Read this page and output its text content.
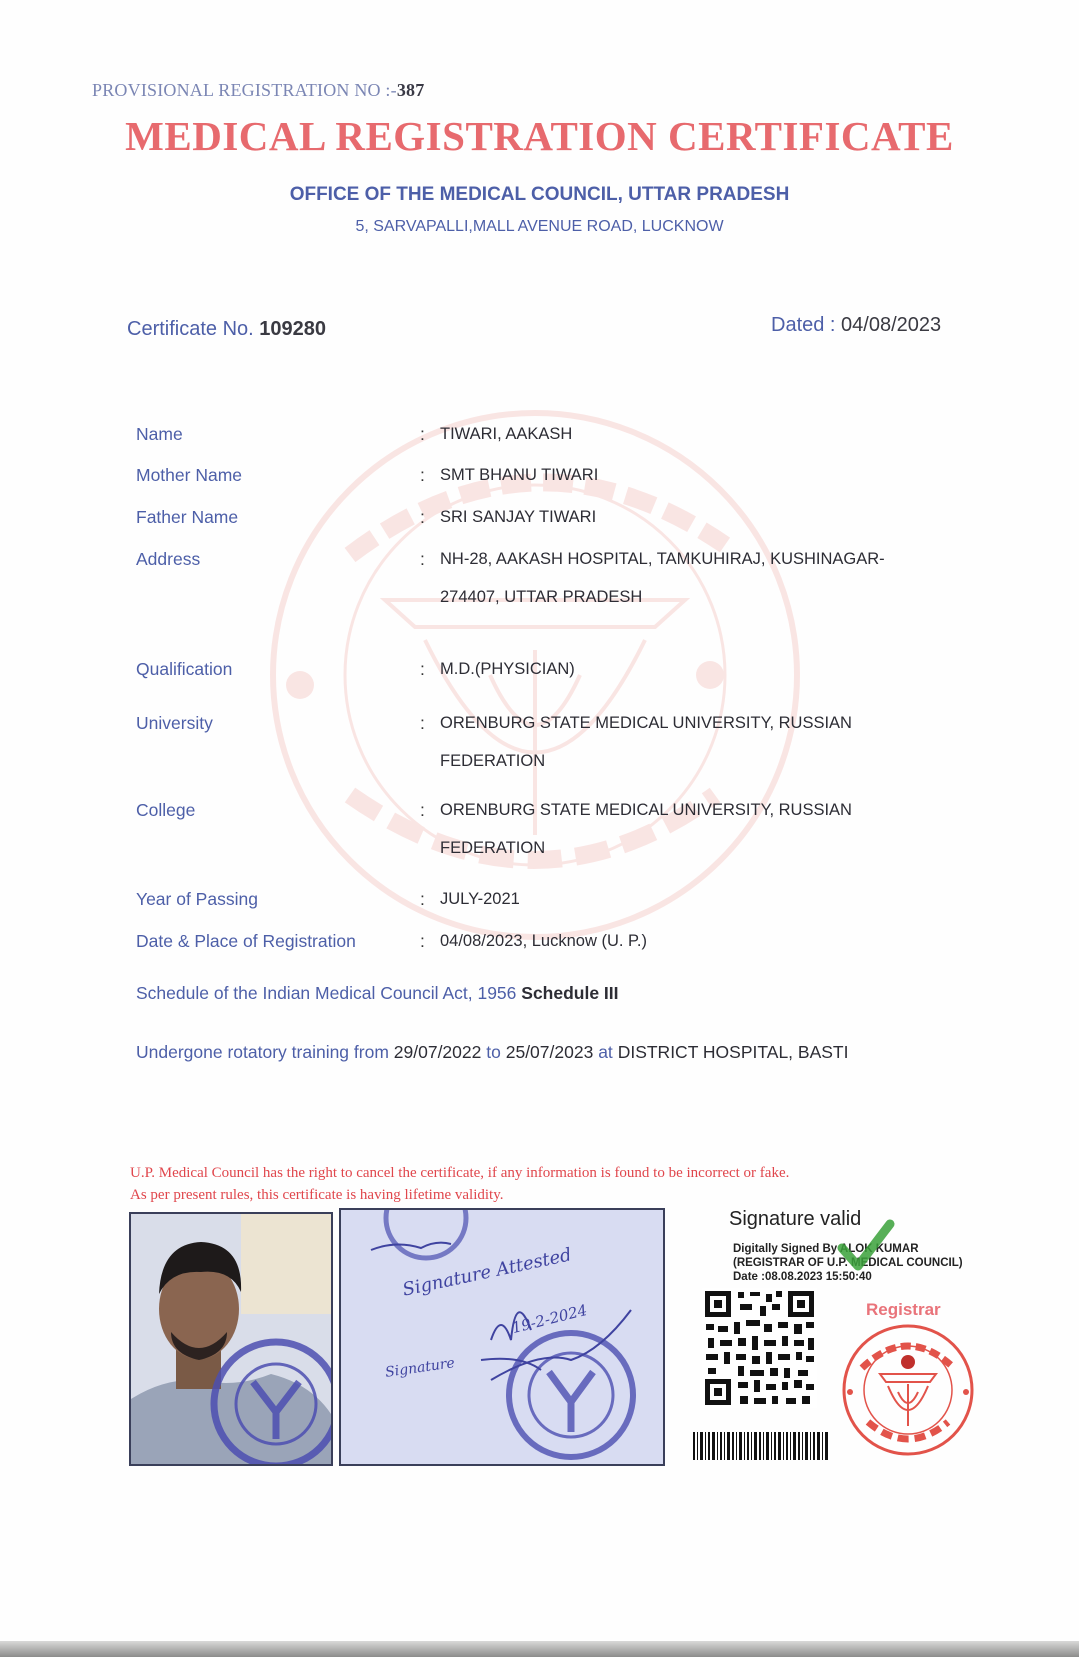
PROVISIONAL REGISTRATION NO :-387
MEDICAL REGISTRATION CERTIFICATE
OFFICE OF THE MEDICAL COUNCIL, UTTAR PRADESH
5, SARVAPALLI,MALL AVENUE ROAD, LUCKNOW
Certificate No. 109280	Dated : 04/08/2023
Name	: TIWARI, AAKASH
Mother Name	: SMT BHANU TIWARI
Father Name	: SRI SANJAY TIWARI
Address	: NH-28, AAKASH HOSPITAL, TAMKUHIRAJ, KUSHINAGAR-274407, UTTAR PRADESH
Qualification	: M.D.(PHYSICIAN)
University	: ORENBURG STATE MEDICAL UNIVERSITY, RUSSIAN FEDERATION
College	: ORENBURG STATE MEDICAL UNIVERSITY, RUSSIAN FEDERATION
Year of Passing	: JULY-2021
Date & Place of Registration	: 04/08/2023, Lucknow (U. P.)
Schedule of the Indian Medical Council Act, 1956 Schedule III
Undergone rotatory training from 29/07/2022 to 25/07/2023 at DISTRICT HOSPITAL, BASTI
U.P. Medical Council has the right to cancel the certificate, if any information is found to be incorrect or fake.
As per present rules, this certificate is having lifetime validity.
Signature Attested
19-2-2024
Signature
Signature valid
Digitally Signed By ALOK KUMAR
(REGISTRAR OF U.P. MEDICAL COUNCIL)
Date :08.08.2023 15:50:40
Registrar
